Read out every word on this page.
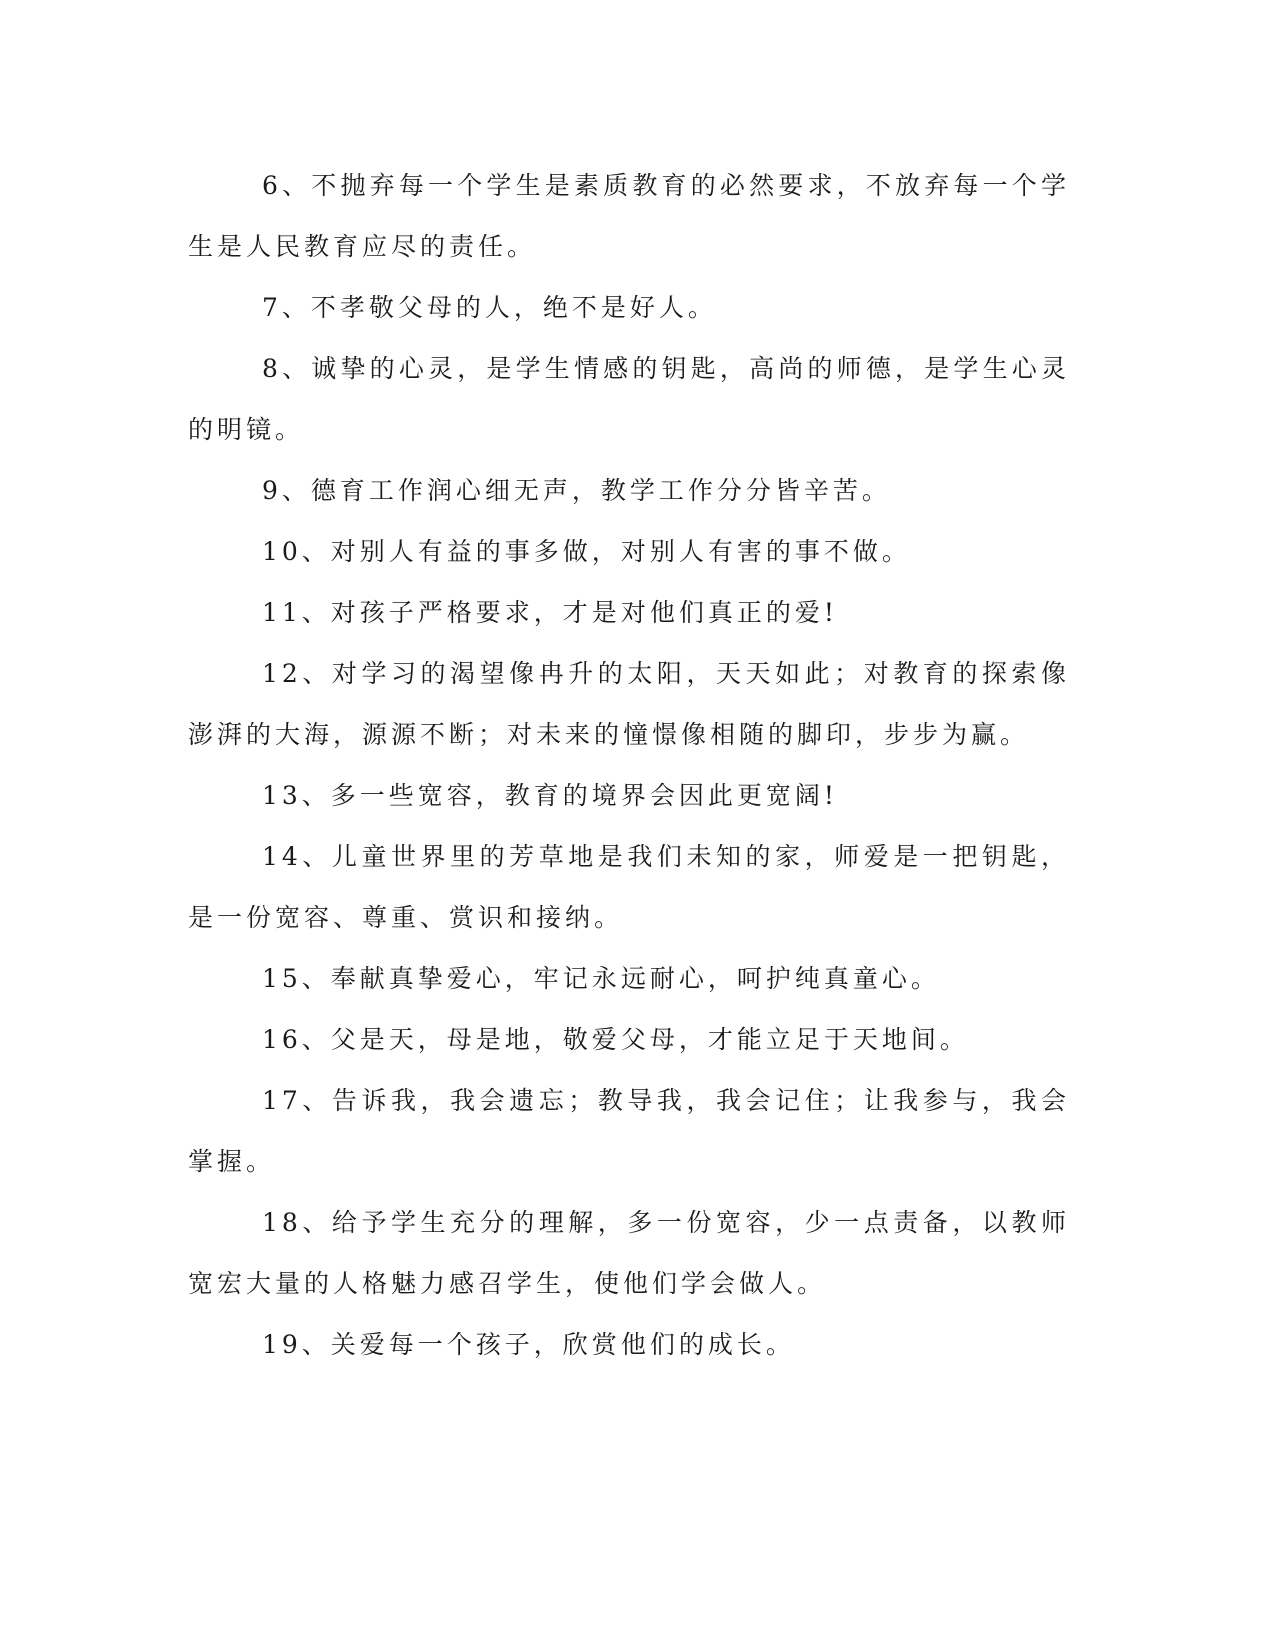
6、不抛弃每一个学生是素质教育的必然要求，不放弃每一个学生是人民教育应尽的责任。

7、不孝敬父母的人，绝不是好人。

8、诚挚的心灵，是学生情感的钥匙，高尚的师德，是学生心灵的明镜。

9、德育工作润心细无声，教学工作分分皆辛苦。

10、对别人有益的事多做，对别人有害的事不做。

11、对孩子严格要求，才是对他们真正的爱!

12、对学习的渴望像冉升的太阳，天天如此；对教育的探索像澎湃的大海，源源不断；对未来的憧憬像相随的脚印，步步为赢。

13、多一些宽容，教育的境界会因此更宽阔!

14、儿童世界里的芳草地是我们未知的家，师爱是一把钥匙，是一份宽容、尊重、赏识和接纳。

15、奉献真挚爱心，牢记永远耐心，呵护纯真童心。

16、父是天，母是地，敬爱父母，才能立足于天地间。

17、告诉我，我会遗忘；教导我，我会记住；让我参与，我会掌握。

18、给予学生充分的理解，多一份宽容，少一点责备，以教师宽宏大量的人格魅力感召学生，使他们学会做人。

19、关爱每一个孩子，欣赏他们的成长。
